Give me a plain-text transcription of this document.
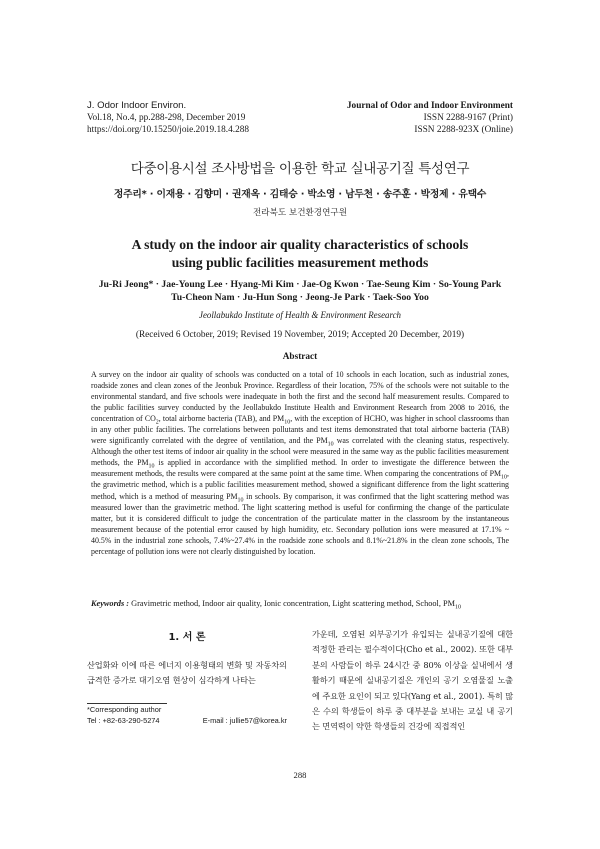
J. Odor Indoor Environ.
Vol.18, No.4, pp.288-298, December 2019
https://doi.org/10.15250/joie.2019.18.4.288
Journal of Odor and Indoor Environment
ISSN 2288-9167 (Print)
ISSN 2288-923X (Online)
다중이용시설 조사방법을 이용한 학교 실내공기질 특성연구
정주리* · 이재용 · 김향미 · 권재옥 · 김태승 · 박소영 · 남두천 · 송주훈 · 박정제 · 유택수
전라북도 보건환경연구원
A study on the indoor air quality characteristics of schools
using public facilities measurement methods
Ju-Ri Jeong* · Jae-Young Lee · Hyang-Mi Kim · Jae-Og Kwon · Tae-Seung Kim · So-Young Park
Tu-Cheon Nam · Ju-Hun Song · Jeong-Je Park · Taek-Soo Yoo
Jeollabukdo Institute of Health & Environment Research
(Received 6 October, 2019; Revised 19 November, 2019; Accepted 20 December, 2019)
Abstract
A survey on the indoor air quality of schools was conducted on a total of 10 schools in each location, such as industrial zones, roadside zones and clean zones of the Jeonbuk Province. Regardless of their location, 75% of the schools were not suitable to the environmental standard, and five schools were inadequate in both the first and the second half measurement results. Compared to the public facilities survey conducted by the Jeollabukdo Institute Health and Environment Research from 2008 to 2016, the concentration of $CO_2$, total airborne bacteria (TAB), and $PM_{10}$, with the exception of HCHO, was higher in school classrooms than in any other public facilities. The correlations between pollutants and test items demonstrated that total airborne bacteria (TAB) were significantly correlated with the degree of ventilation, and the $PM_{10}$ was correlated with the cleaning status, respectively. Although the other test items of indoor air quality in the school were measured in the same way as the public facilities measurement methods, the $PM_{10}$ is applied in accordance with the simplified method. In order to investigate the difference between the measurement methods, the results were compared at the same point at the same time. When comparing the concentrations of $PM_{10}$, the gravimetric method, which is a public facilities measurement method, showed a significant difference from the light scattering method, which is a method of measuring $PM_{10}$ in schools. By comparison, it was confirmed that the light scattering method was measured lower than the gravimetric method. The light scattering method is useful for confirming the change of the particulate matter, but it is considered difficult to judge the concentration of the particulate matter in the classroom by the instantaneous measurement because of the potential error caused by high humidity, etc. Secondary pollution ions were measured at 17.1% ~ 40.5% in the industrial zone schools, 7.4%~27.4% in the roadside zone schools and 8.1%~21.8% in the clean zone schools, The percentage of pollution ions were not clearly distinguished by location.
Keywords : Gravimetric method, Indoor air quality, Ionic concentration, Light scattering method, School, $PM_{10}$
1. 서 론
산업화와 이에 따른 에너지 이용형태의 변화 및 자동차의 급격한 증가로 대기오염 현상이 심각하게 나타는
가운데, 오염된 외부공기가 유입되는 실내공기질에 대한 적정한 관리는 필수적이다(Cho et al., 2002). 또한 대부분의 사람들이 하루 24시간 중 80% 이상을 실내에서 생활하기 때문에 실내공기질은 개인의 공기 오염물질 노출에 주요한 요인이 되고 있다(Yang et al., 2001). 특히 많은 수의 학생들이 하루 중 대부분을 보내는 교실 내 공기는 면역력이 약한 학생들의 건강에 직접적인
*Corresponding author
Tel : +82-63-290-5274	E-mail : jullie57@korea.kr
288
